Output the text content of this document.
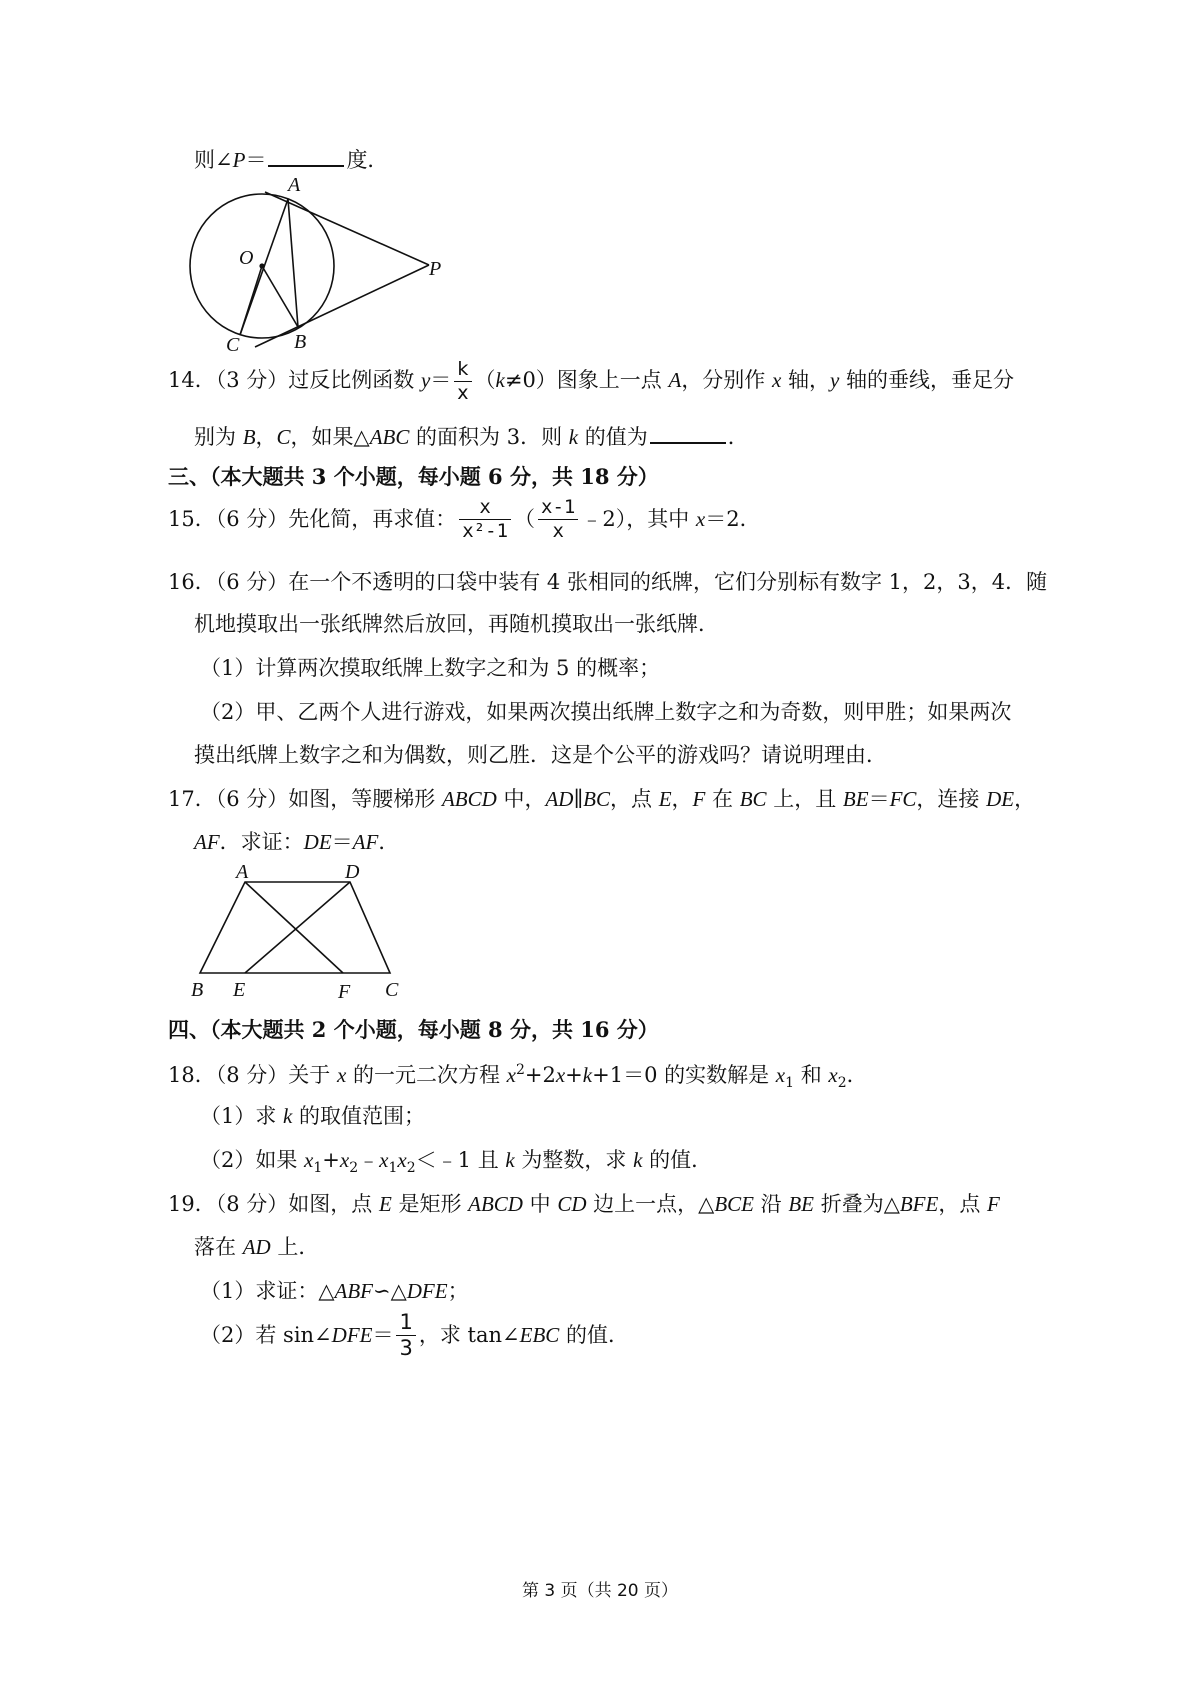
则∠P＝	度．
A
O	P
B
C
14．（3 分）过反比例函数 $y= \frac{k}{x} (k\ne 0)$图象上一点 A，分别作 x 轴，y 轴的垂线，垂足分
别为 B，C，如果△ABC 的面积为 3．则 k 的值为	．
三、（本大题共 3 个小题，每小题 6 分，共 18 分）
15．（6 分）先化简，再求值： $\frac{x}{\text{x²-1}}$ （ $\frac{x-1}{x}$ ﹣2），其中 x＝2．
16．（6 分）在一个不透明的口袋中装有 4 张相同的纸牌，它们分别标有数字 1，2，3，4．随
机地摸取出一张纸牌然后放回，再随机摸取出一张纸牌．
（1）计算两次摸取纸牌上数字之和为 5 的概率；
（2）甲、乙两个人进行游戏，如果两次摸出纸牌上数字之和为奇数，则甲胜；如果两次
摸出纸牌上数字之和为偶数，则乙胜．这是个公平的游戏吗？请说明理由．
17．（6 分）如图，等腰梯形 ABCD 中，AD∥BC，点 E，F 在 BC 上，且 BE＝FC，连接 DE，
AF．求证：DE＝AF．
A	D
B E	F C
四、（本大题共 2 个小题，每小题 8 分，共 16 分）
18．（8 分）关于 x 的一元二次方程 $x^2+2x+k+1=0$ 的实数解是 $x_1$ 和 $x_2$．
（1）求 k 的取值范围；
（2）如果 $x_1+x_2﹣x_1x_2<﹣1$ 且 k 为整数，求 k 的值．
19．（8 分）如图，点 E 是矩形 ABCD 中 CD 边上一点，△BCE 沿 BE 折叠为△BFE，点 F
落在 AD 上．
（1）求证：△ABF∽△DFE；
（2）若 sin∠DFE＝ $\frac{1}{3}$ ，求 tan∠EBC 的值．
第 3 页（共 20 页）
